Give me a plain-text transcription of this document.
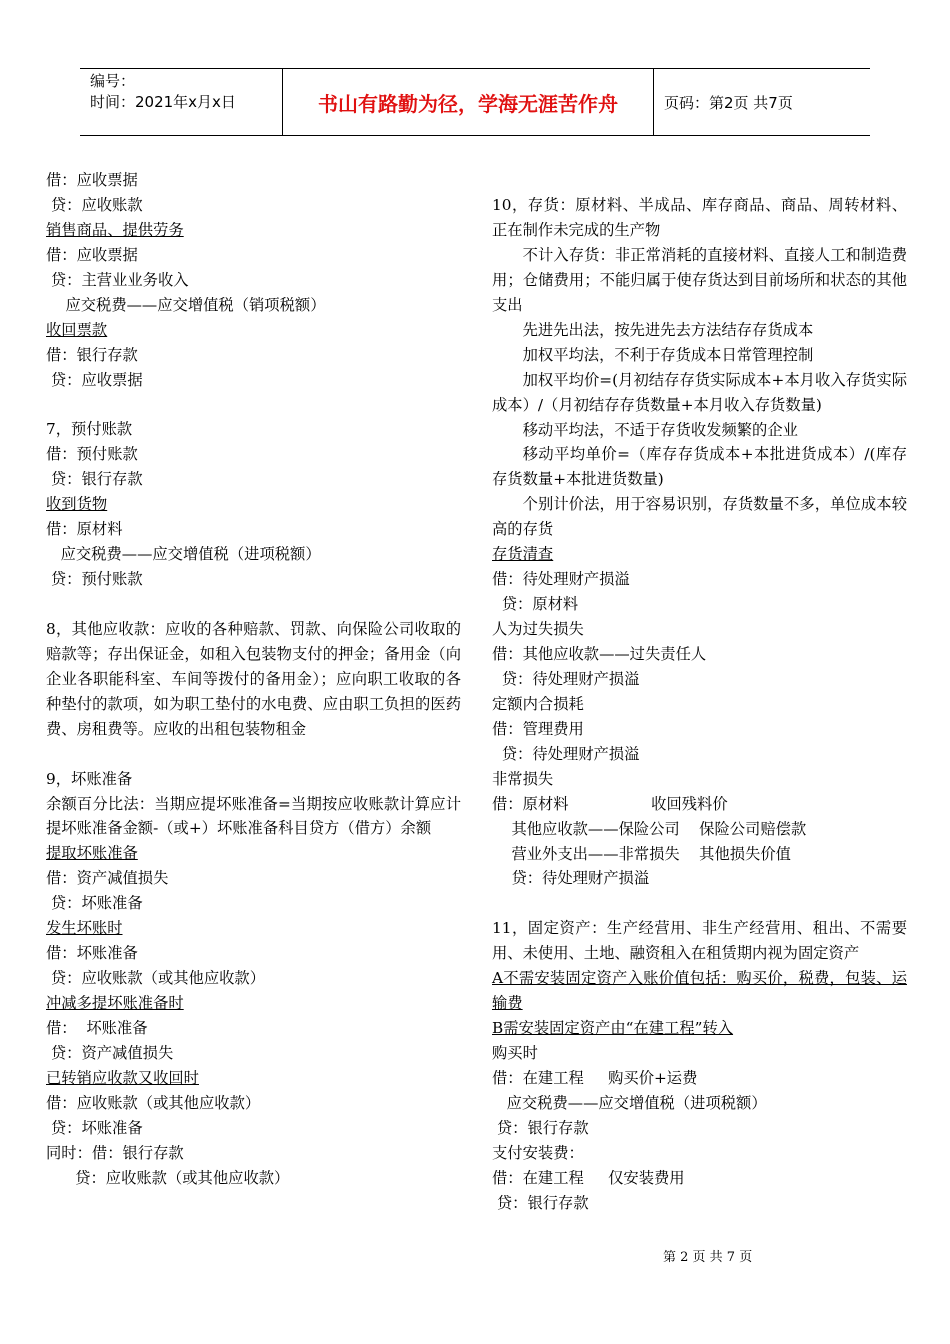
编号：
时间：2021年x月x日	书山有路勤为径，学海无涯苦作舟	页码：第2页 共7页
借：应收票据
贷：应收账款
销售商品、提供劳务
借：应收票据
贷：主营业业务收入
应交税费——应交增值税（销项税额）
收回票款
借：银行存款
贷：应收票据
7，预付账款
借：预付账款
贷：银行存款
收到货物
借：原材料
应交税费——应交增值税（进项税额）
贷：预付账款
8，其他应收款：应收的各种赔款、罚款、向保险公司收取的赔款等；存出保证金，如租入包装物支付的押金；备用金（向企业各职能科室、车间等拨付的备用金）；应向职工收取的各种垫付的款项，如为职工垫付的水电费、应由职工负担的医药费、房租费等。应收的出租包装物租金
9，坏账准备
余额百分比法：当期应提坏账准备=当期按应收账款计算应计提坏账准备金额-（或+）坏账准备科目贷方（借方）余额
提取坏账准备
借：资产减值损失
贷：坏账准备
发生坏账时
借：坏账准备
贷：应收账款（或其他应收款）
冲减多提坏账准备时
借：  坏账准备
贷：资产减值损失
已转销应收款又收回时
借：应收账款（或其他应收款）
贷：坏账准备
同时：借：银行存款
贷：应收账款（或其他应收款）
10，存货：原材料、半成品、库存商品、商品、周转材料、正在制作未完成的生产物
不计入存货：非正常消耗的直接材料、直接人工和制造费用；仓储费用；不能归属于使存货达到目前场所和状态的其他支出
先进先出法，按先进先去方法结存存货成本
加权平均法，不利于存货成本日常管理控制
加权平均价=(月初结存存货实际成本+本月收入存货实际成本）/（月初结存存货数量+本月收入存货数量)
移动平均法，不适于存货收发频繁的企业
移动平均单价=（库存存货成本+本批进货成本）/(库存存货数量+本批进货数量)
个别计价法，用于容易识别，存货数量不多，单位成本较高的存货
存货清查
借：待处理财产损溢
贷：原材料
人为过失损失
借：其他应收款——过失责任人
贷：待处理财产损溢
定额内合损耗
借：管理费用
贷：待处理财产损溢
非常损失
借：原材料                 收回残料价
其他应收款——保险公司    保险公司赔偿款
营业外支出——非常损失    其他损失价值
贷：待处理财产损溢
11，固定资产：生产经营用、非生产经营用、租出、不需要用、未使用、土地、融资租入在租赁期内视为固定资产
A不需安装固定资产入账价值包括：购买价，税费，包装、运输费
B需安装固定资产由“在建工程”转入
购买时
借：在建工程     购买价+运费
应交税费——应交增值税（进项税额）
贷：银行存款
支付安装费：
借：在建工程     仅安装费用
贷：银行存款
第 2 页 共 7 页
